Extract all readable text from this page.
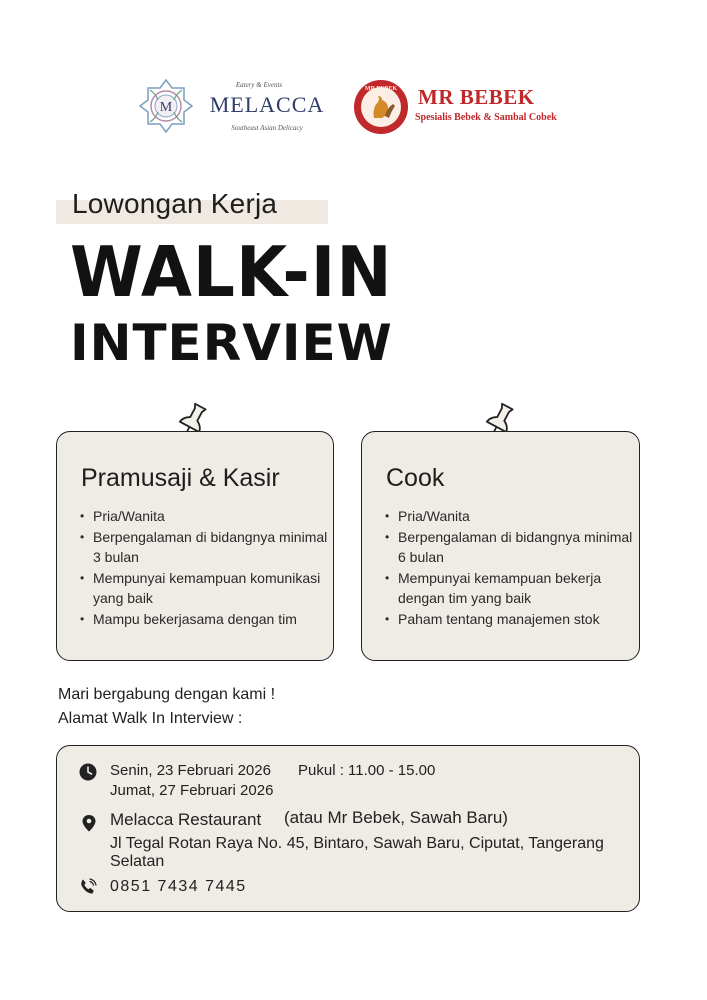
M
Eatery & Events
MELACCA
Southeast Asian Delicacy
MR BEBEK MR BEBEK
Spesialis Bebek & Sambal Cobek
Lowongan Kerja
WALK-IN
INTERVIEW
Pramusaji & Kasir
• Pria/Wanita
• Berpengalaman di bidangnya minimal 3 bulan
• Mempunyai kemampuan komunikasi yang baik
• Mampu bekerjasama dengan tim
Cook
• Pria/Wanita
• Berpengalaman di bidangnya minimal 6 bulan
• Mempunyai kemampuan bekerja dengan tim yang baik
• Paham tentang manajemen stok
Mari bergabung dengan kami !
Alamat Walk In Interview :
Senin, 23 Februari 2026
Jumat, 27 Februari 2026
Pukul : 11.00 - 15.00
Melacca Restaurant (atau Mr Bebek, Sawah Baru)
Jl Tegal Rotan Raya No. 45, Bintaro, Sawah Baru, Ciputat, Tangerang Selatan
0851 7434 7445
